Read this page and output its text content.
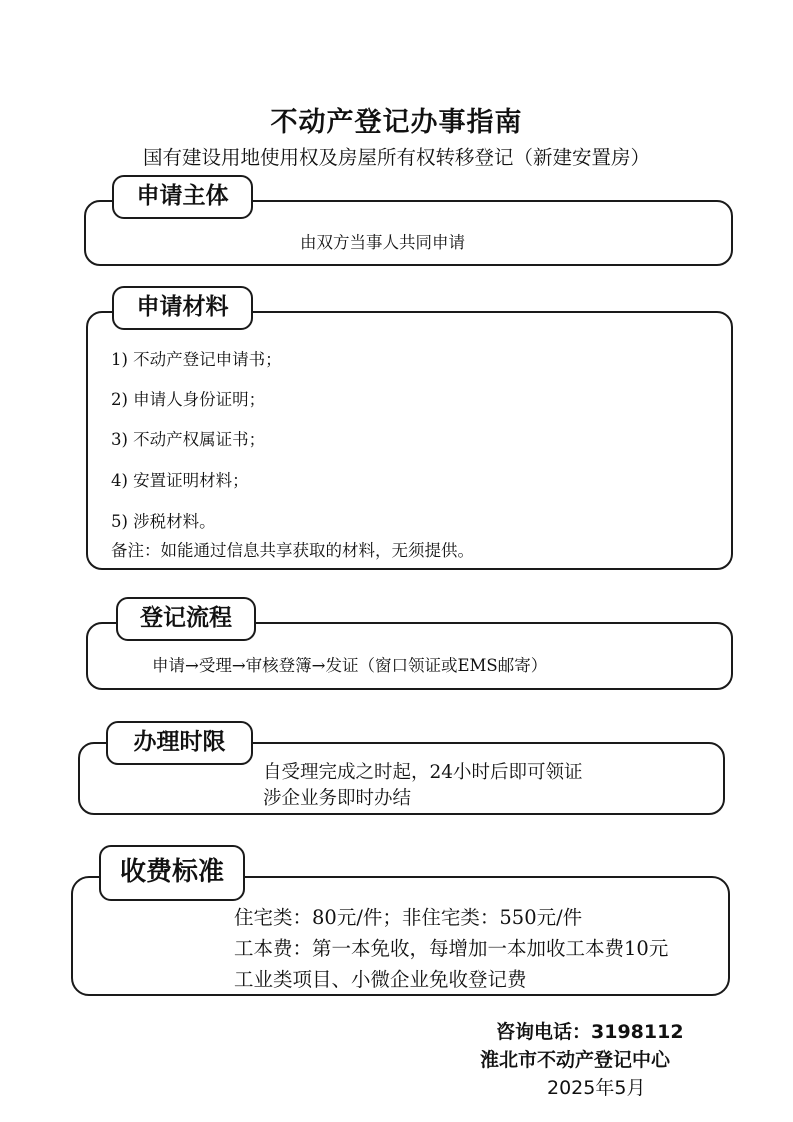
不动产登记办事指南
国有建设用地使用权及房屋所有权转移登记（新建安置房）
申请主体
由双方当事人共同申请
申请材料
1) 不动产登记申请书；
2) 申请人身份证明；
3) 不动产权属证书；
4) 安置证明材料；
5) 涉税材料。
备注：如能通过信息共享获取的材料，无须提供。
登记流程
申请→受理→审核登簿→发证（窗口领证或EMS邮寄）
办理时限
自受理完成之时起，24小时后即可领证
涉企业务即时办结
收费标准
住宅类：80元/件；非住宅类：550元/件
工本费：第一本免收，每增加一本加收工本费10元
工业类项目、小微企业免收登记费
咨询电话：3198112
淮北市不动产登记中心
2025年5月
